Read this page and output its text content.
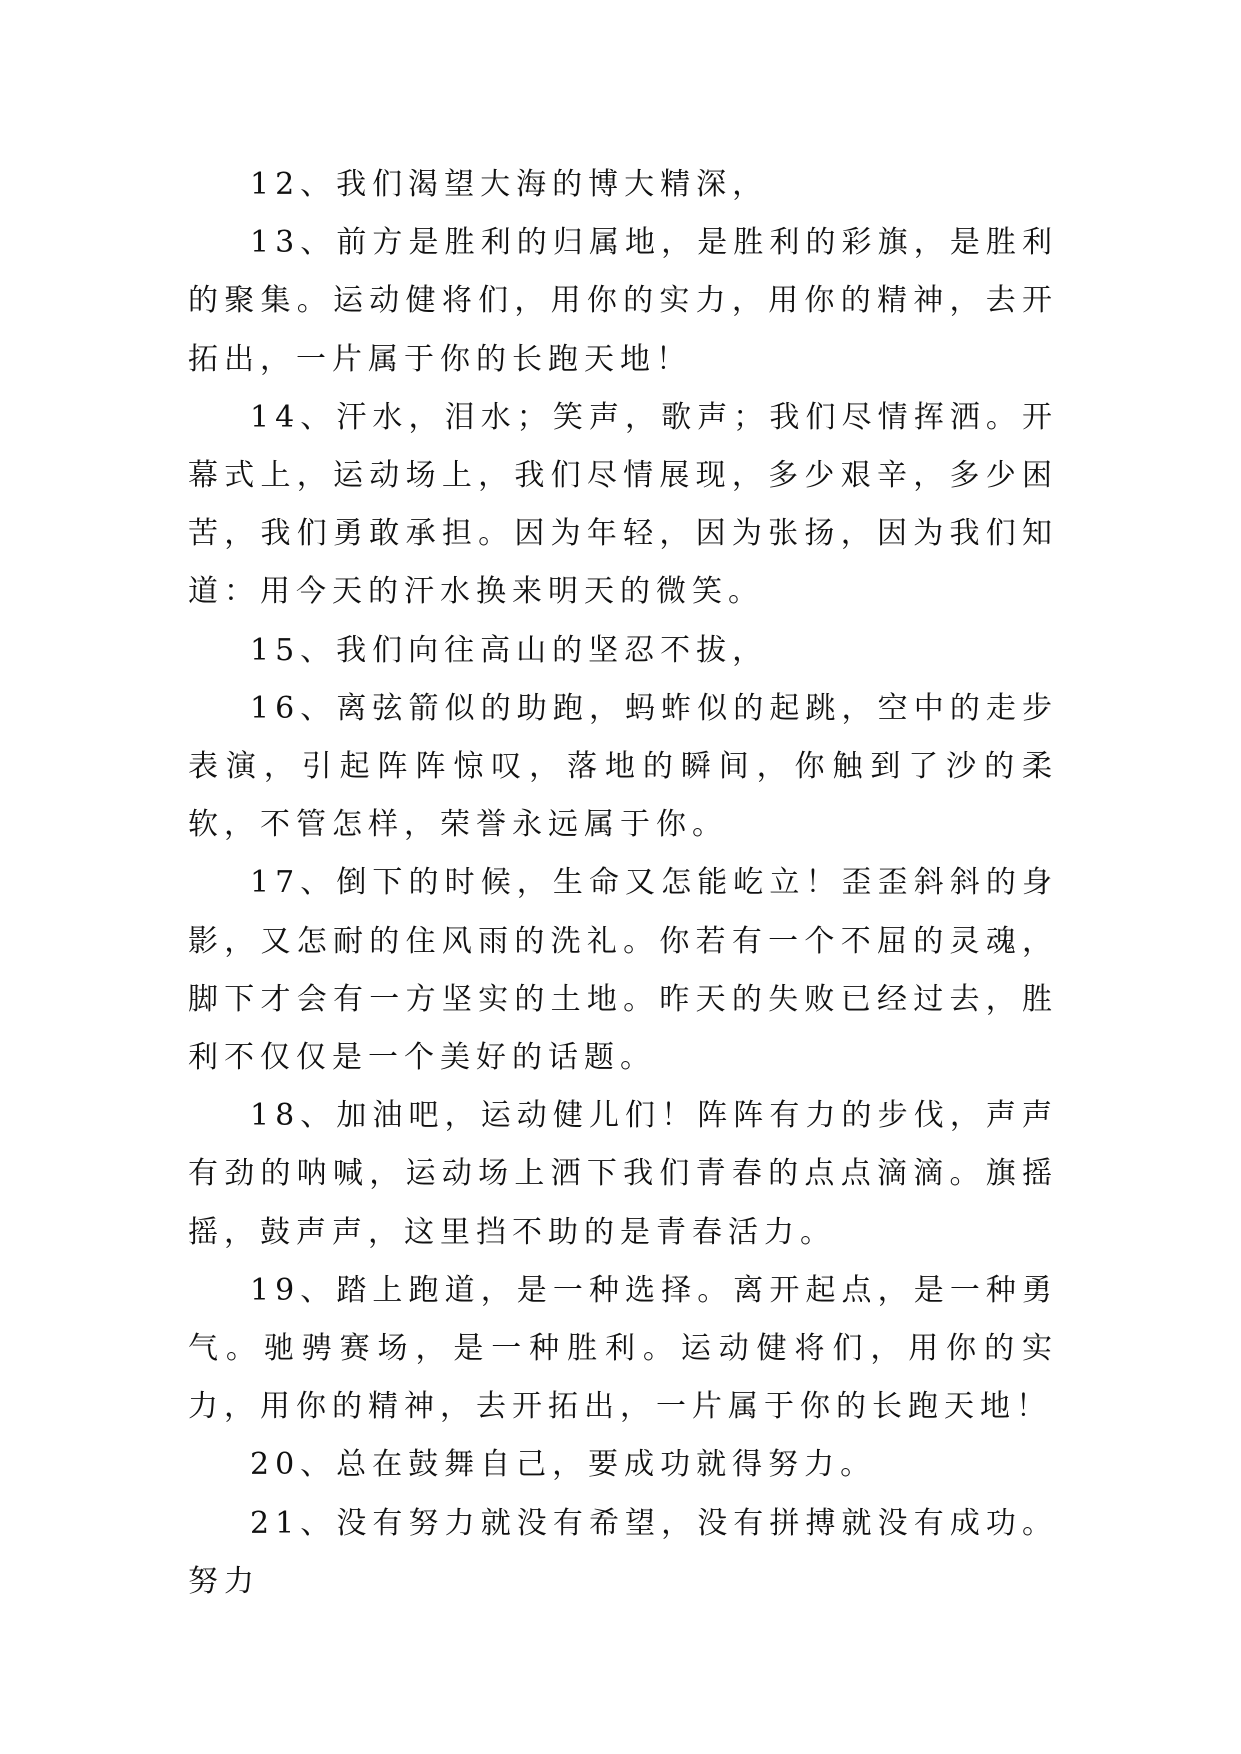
12、我们渴望大海的博大精深，

13、前方是胜利的归属地，是胜利的彩旗，是胜利的聚集。运动健将们，用你的实力，用你的精神，去开拓出，一片属于你的长跑天地！

14、汗水，泪水；笑声，歌声；我们尽情挥洒。开幕式上，运动场上，我们尽情展现，多少艰辛，多少困苦，我们勇敢承担。因为年轻，因为张扬，因为我们知道：用今天的汗水换来明天的微笑。

15、我们向往高山的坚忍不拔，

16、离弦箭似的助跑，蚂蚱似的起跳，空中的走步表演，引起阵阵惊叹，落地的瞬间，你触到了沙的柔软，不管怎样，荣誉永远属于你。

17、倒下的时候，生命又怎能屹立！歪歪斜斜的身影，又怎耐的住风雨的洗礼。你若有一个不屈的灵魂，脚下才会有一方坚实的土地。昨天的失败已经过去，胜利不仅仅是一个美好的话题。

18、加油吧，运动健儿们！阵阵有力的步伐，声声有劲的呐喊，运动场上洒下我们青春的点点滴滴。旗摇摇，鼓声声，这里挡不助的是青春活力。

19、踏上跑道，是一种选择。离开起点，是一种勇气。驰骋赛场，是一种胜利。运动健将们，用你的实力，用你的精神，去开拓出，一片属于你的长跑天地！

20、总在鼓舞自己，要成功就得努力。

21、没有努力就没有希望，没有拼搏就没有成功。努力
